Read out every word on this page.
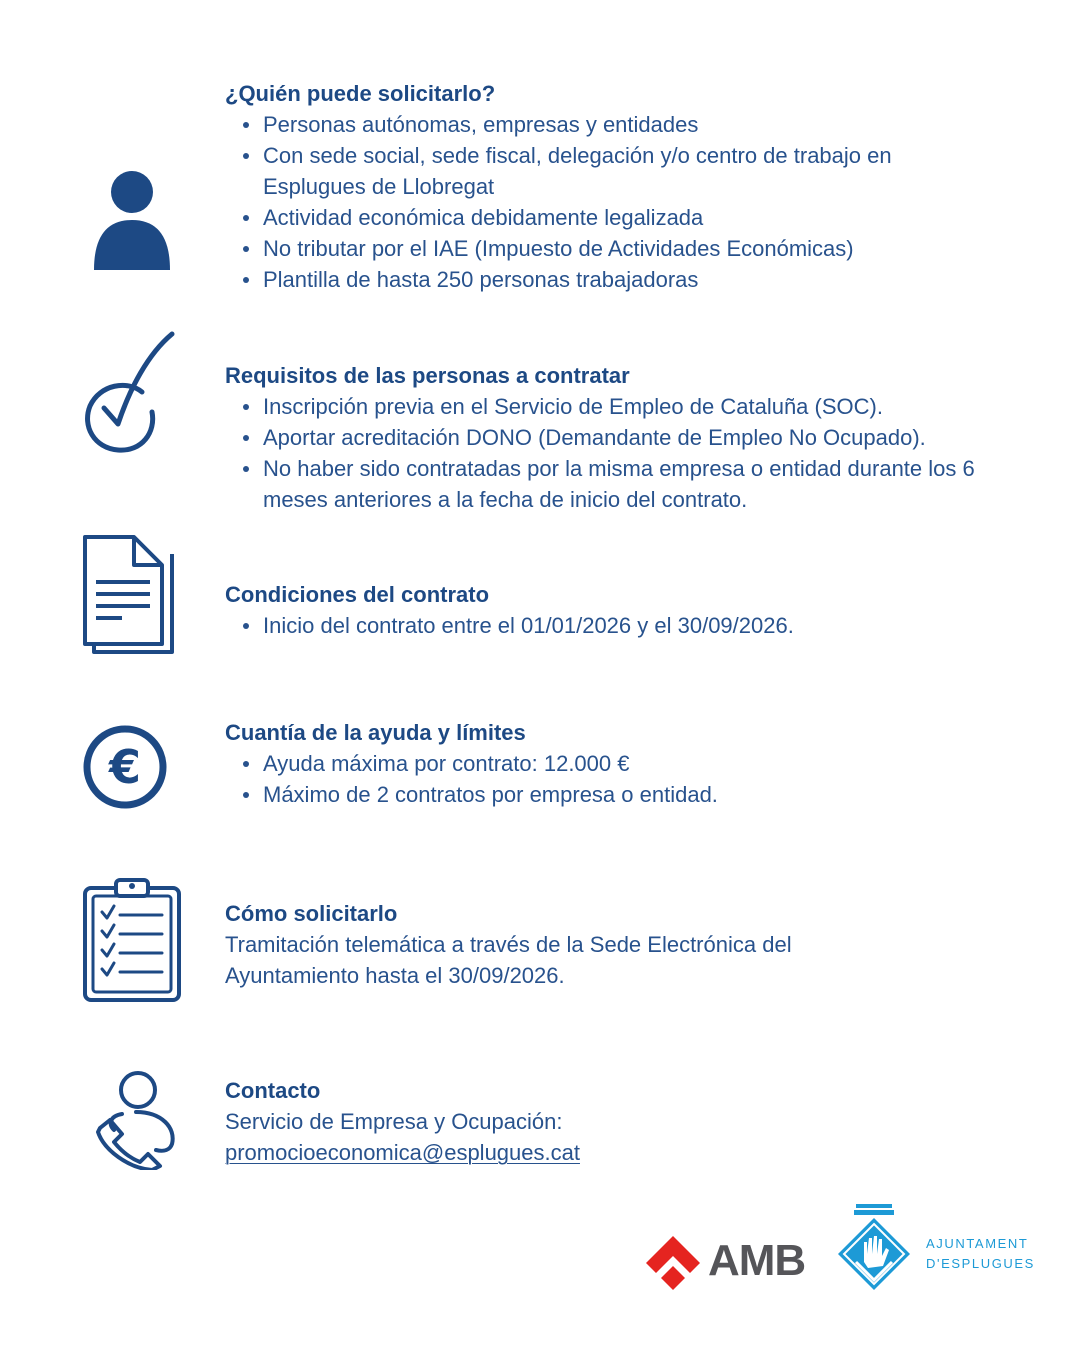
€
¿Quién puede solicitarlo?
Personas autónomas, empresas y entidades
Con sede social, sede fiscal, delegación y/o centro de trabajo en Esplugues de Llobregat
Actividad económica debidamente legalizada
No tributar por el IAE (Impuesto de Actividades Económicas)
Plantilla de hasta 250 personas trabajadoras
Requisitos de las personas a contratar
Inscripción previa en el Servicio de Empleo de Cataluña (SOC).
Aportar acreditación DONO (Demandante de Empleo No Ocupado).
No haber sido contratadas por la misma empresa o entidad durante los 6 meses anteriores a la fecha de inicio del contrato.
Condiciones del contrato
Inicio del contrato entre el 01/01/2026 y el 30/09/2026.
Cuantía de la ayuda y límites
Ayuda máxima por contrato: 12.000 €
Máximo de 2 contratos por empresa o entidad.
Cómo solicitarlo

Tramitación telemática a través de la Sede Electrónica del Ayuntamiento hasta el 30/09/2026.

Contacto

Servicio de Empresa y Ocupación:

promocioeconomica@esplugues.cat

AMB	AJUNTAMENT
D'ESPLUGUES
